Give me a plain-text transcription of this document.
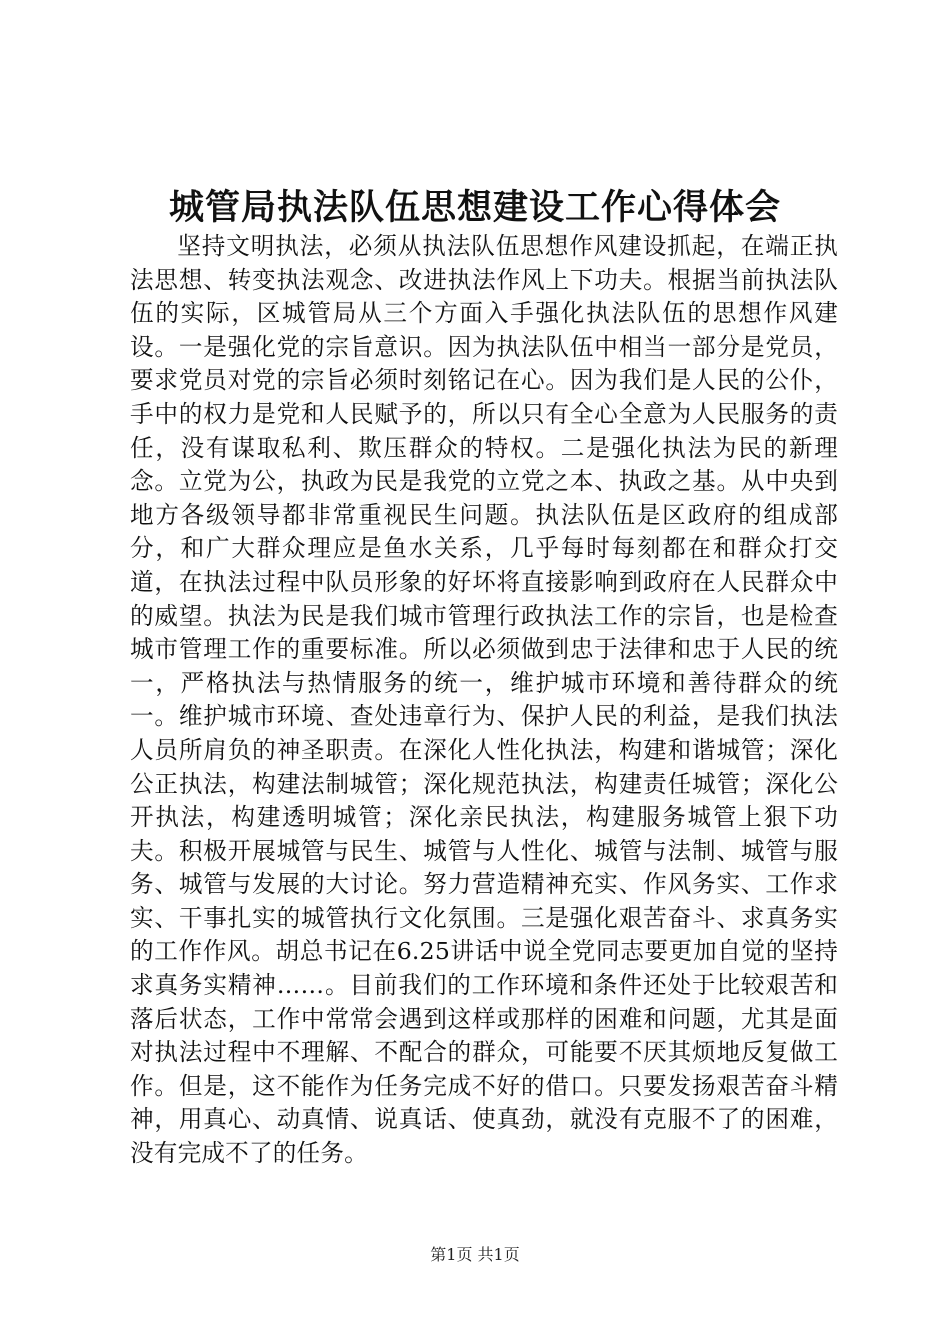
城管局执法队伍思想建设工作心得体会

坚持文明执法，必须从执法队伍思想作风建设抓起，在端正执法思想、转变执法观念、改进执法作风上下功夫。根据当前执法队伍的实际，区城管局从三个方面入手强化执法队伍的思想作风建设。一是强化党的宗旨意识。因为执法队伍中相当一部分是党员，要求党员对党的宗旨必须时刻铭记在心。因为我们是人民的公仆，手中的权力是党和人民赋予的，所以只有全心全意为人民服务的责任，没有谋取私利、欺压群众的特权。二是强化执法为民的新理念。立党为公，执政为民是我党的立党之本、执政之基。从中央到地方各级领导都非常重视民生问题。执法队伍是区政府的组成部分，和广大群众理应是鱼水关系，几乎每时每刻都在和群众打交道，在执法过程中队员形象的好坏将直接影响到政府在人民群众中的威望。执法为民是我们城市管理行政执法工作的宗旨，也是检查城市管理工作的重要标准。所以必须做到忠于法律和忠于人民的统一，严格执法与热情服务的统一，维护城市环境和善待群众的统一。维护城市环境、查处违章行为、保护人民的利益，是我们执法人员所肩负的神圣职责。在深化人性化执法，构建和谐城管；深化公正执法，构建法制城管；深化规范执法，构建责任城管；深化公开执法，构建透明城管；深化亲民执法，构建服务城管上狠下功夫。积极开展城管与民生、城管与人性化、城管与法制、城管与服务、城管与发展的大讨论。努力营造精神充实、作风务实、工作求实、干事扎实的城管执行文化氛围。三是强化艰苦奋斗、求真务实的工作作风。胡总书记在6.25讲话中说全党同志要更加自觉的坚持求真务实精神……。目前我们的工作环境和条件还处于比较艰苦和落后状态，工作中常常会遇到这样或那样的困难和问题，尤其是面对执法过程中不理解、不配合的群众，可能要不厌其烦地反复做工作。但是，这不能作为任务完成不好的借口。只要发扬艰苦奋斗精神，用真心、动真情、说真话、使真劲，就没有克服不了的困难，没有完成不了的任务。

第1页 共1页
